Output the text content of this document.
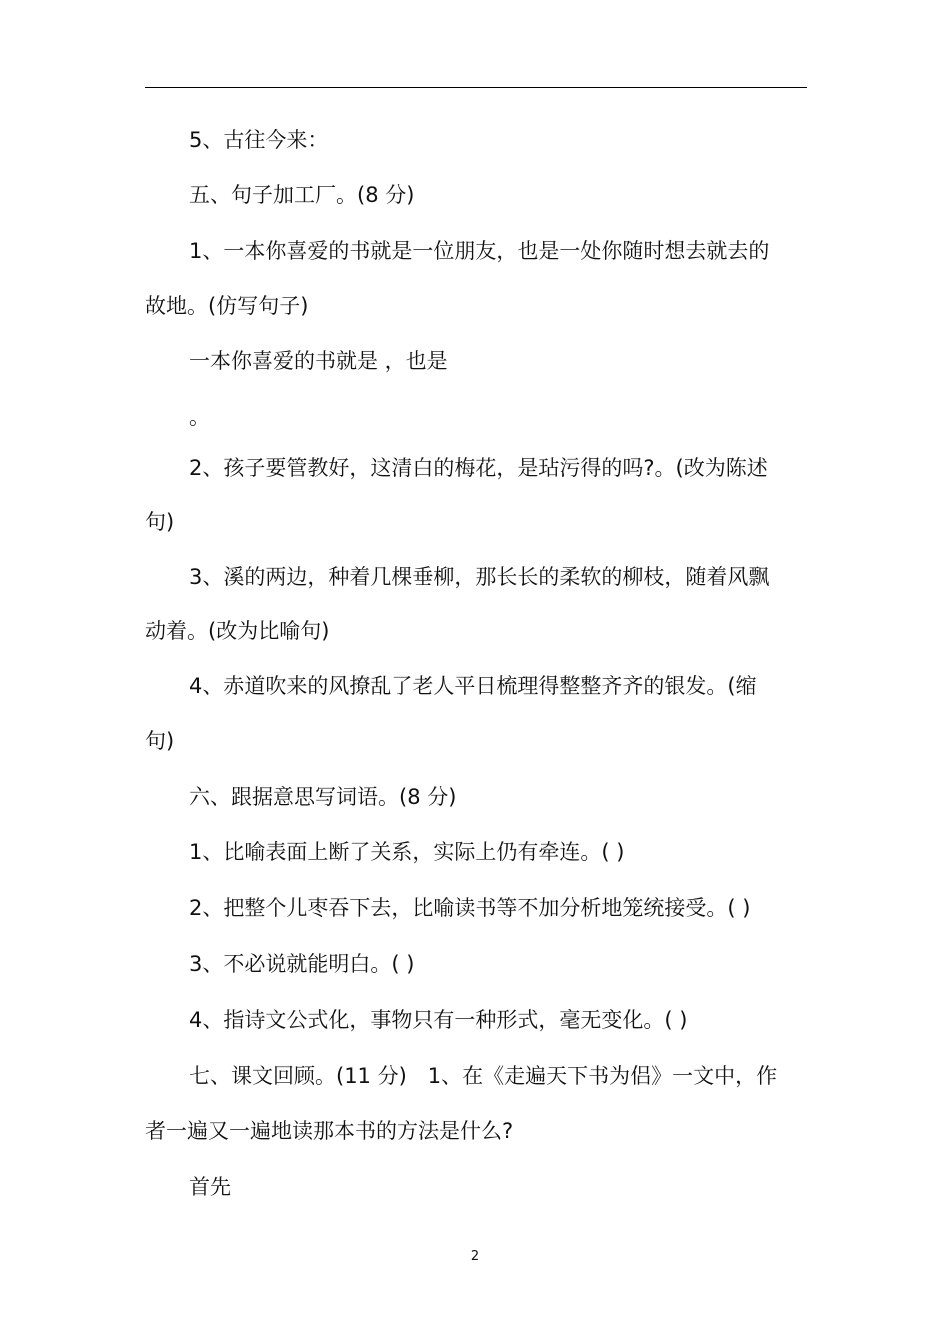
5、古往今来：
五、句子加工厂。(8 分)
1、一本你喜爱的书就是一位朋友，也是一处你随时想去就去的
故地。(仿写句子)
一本你喜爱的书就是 ，也是
。
2、孩子要管教好，这清白的梅花，是玷污得的吗?。(改为陈述
句)
3、溪的两边，种着几棵垂柳，那长长的柔软的柳枝，随着风飘
动着。(改为比喻句)
4、赤道吹来的风撩乱了老人平日梳理得整整齐齐的银发。(缩
句)
六、跟据意思写词语。(8 分)
1、比喻表面上断了关系，实际上仍有牵连。( )
2、把整个儿枣吞下去，比喻读书等不加分析地笼统接受。( )
3、不必说就能明白。( )
4、指诗文公式化，事物只有一种形式，毫无变化。( )
七、课文回顾。(11 分)　1、在《走遍天下书为侣》一文中，作
者一遍又一遍地读那本书的方法是什么?
首先
2
